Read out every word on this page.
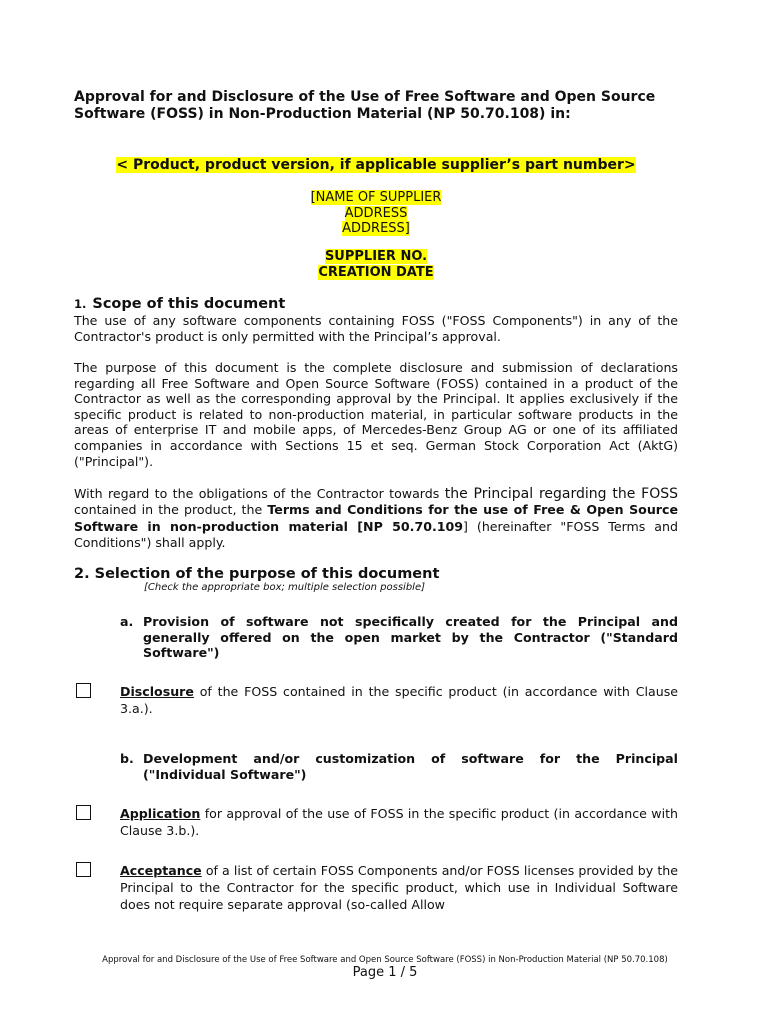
Approval for and Disclosure of the Use of Free Software and Open Source Software (FOSS) in Non-Production Material (NP 50.70.108) in:
< Product, product version, if applicable supplier’s part number>
[NAME OF SUPPLIER
ADDRESS
ADDRESS]
SUPPLIER NO.
CREATION DATE
1. Scope of this document
The use of any software components containing FOSS ("FOSS Components") in any of the Contractor's product is only permitted with the Principal’s approval.
The purpose of this document is the complete disclosure and submission of declarations regarding all Free Software and Open Source Software (FOSS) contained in a product of the Contractor as well as the corresponding approval by the Principal. It applies exclusively if the specific product is related to non-production material, in particular software products in the areas of enterprise IT and mobile apps, of Mercedes-Benz Group AG or one of its affiliated companies in accordance with Sections 15 et seq. German Stock Corporation Act (AktG) ("Principal").
With regard to the obligations of the Contractor towards the Principal regarding the FOSS contained in the product, the Terms and Conditions for the use of Free & Open Source Software in non-production material [NP 50.70.109] (hereinafter "FOSS Terms and Conditions") shall apply.
2. Selection of the purpose of this document
[Check the appropriate box; multiple selection possible]
a. Provision of software not specifically created for the Principal and generally offered on the open market by the Contractor ("Standard Software")
Disclosure of the FOSS contained in the specific product (in accordance with Clause 3.a.).
b. Development and/or customization of software for the Principal ("Individual Software")
Application for approval of the use of FOSS in the specific product (in accordance with Clause 3.b.).
Acceptance of a list of certain FOSS Components and/or FOSS licenses provided by the Principal to the Contractor for the specific product, which use in Individual Software does not require separate approval (so-called Allow
Approval for and Disclosure of the Use of Free Software and Open Source Software (FOSS) in Non-Production Material (NP 50.70.108)
Page 1 / 5
